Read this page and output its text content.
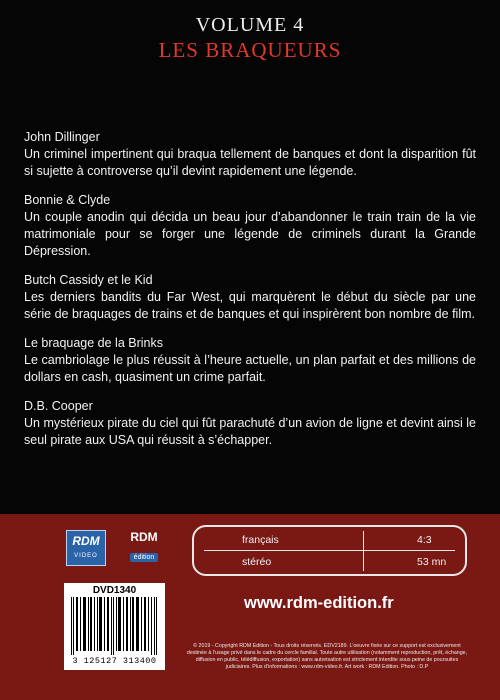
VOLUME 4
LES BRAQUEURS
John Dillinger
Un criminel impertinent qui braqua tellement de banques et dont la disparition fût si sujette à controverse qu’il devint rapidement une légende.
Bonnie & Clyde
Un couple anodin qui décida un beau jour d’abandonner le train train de la vie matrimoniale pour se forger une légende de criminels durant la Grande Dépression.
Butch Cassidy et le Kid
Les derniers bandits du Far West, qui marquèrent le début du siècle par une série de braquages de trains et de banques et qui inspirèrent bon nombre de film.
Le braquage de la Brinks
Le cambriolage le plus réussit à l’heure actuelle, un plan parfait et des millions de dollars en cash, quasiment un crime parfait.
D.B. Cooper
Un mystérieux pirate du ciel qui fût parachuté d’un avion de ligne et devint ainsi le seul pirate aux USA qui réussit à s’échapper.
RDM
VIDEO
RDM
édition
français	4:3
stéréo	53 mn
DVD1340
3 125127 313400
www.rdm-edition.fr
© 2019 - Copyright RDM Edition - Tous droits réservés. EDV2189. L’oeuvre fixée sur ce support est exclusivement destinée à l’usage privé dans le cadre du cercle familial. Toute autre utilisation (notamment reproduction, prêt, échange, diffusion en public, télédiffusion, exportation) sans autorisation est strictement interdite sous peine de poursuites judiciaires. Plus d’informations : www.rdm-video.fr. Art work : RDM Edition. Photo : D.P
